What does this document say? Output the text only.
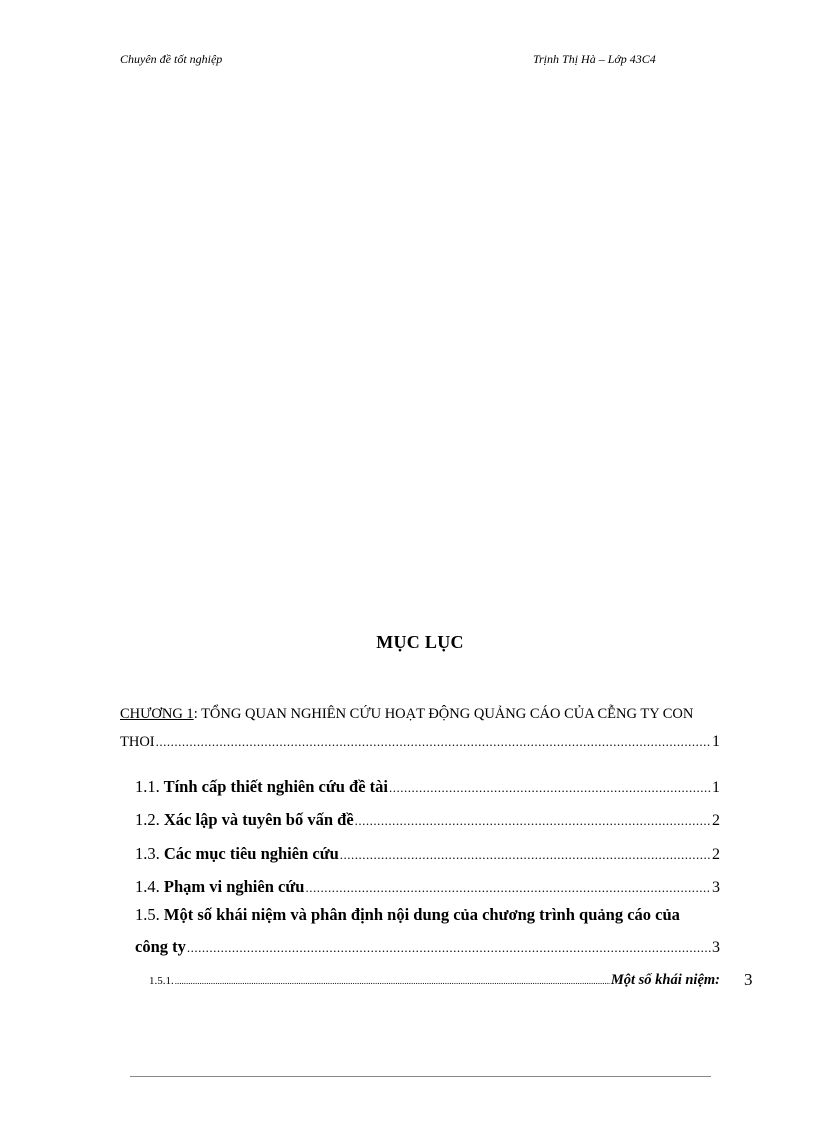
Chuyên đề tốt nghiệp	Trịnh Thị Hà – Lớp 43C4
MỤC LỤC
CHƯƠNG 1: TỔNG QUAN NGHIÊN CỨU HOẠT ĐỘNG QUẢNG CÁO CỦA CỄNG TY CON
THOI .....	1
1.1. Tính cấp thiết nghiên cứu đề tài .....	1
1.2. Xác lập và tuyên bố vấn đề .....	2
1.3. Các mục tiêu nghiên cứu .....	2
1.4. Phạm vi nghiên cứu .....	3
1.5. Một số khái niệm và phân định nội dung của chương trình quảng cáo của
công ty .....	3
1.5.1. .....	Một số khái niệm: 3
